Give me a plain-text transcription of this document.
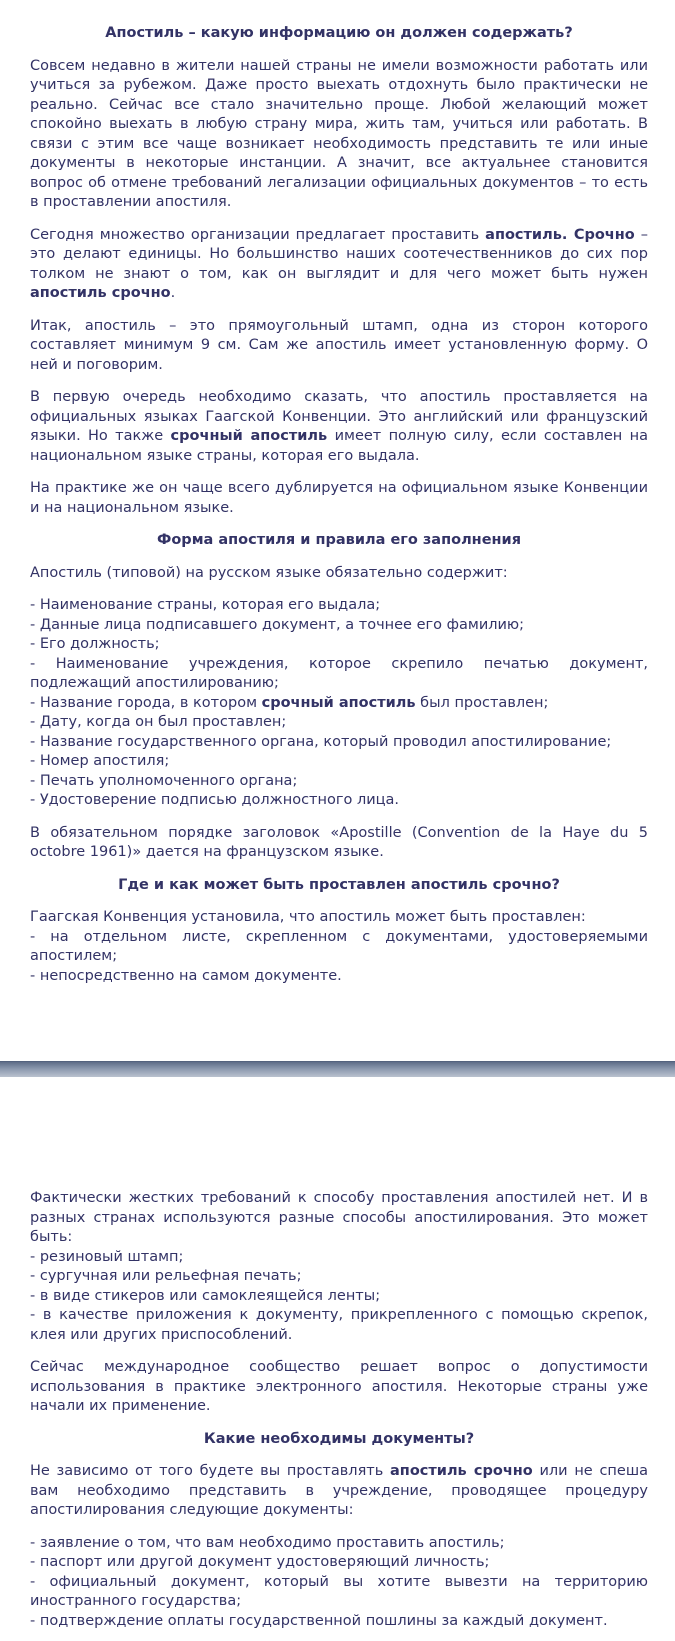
Апостиль – какую информацию он должен содержать?

Совсем недавно в жители нашей страны не имели возможности работать или учиться за рубежом. Даже просто выехать отдохнуть было практически не реально. Сейчас все стало значительно проще. Любой желающий может спокойно выехать в любую страну мира, жить там, учиться или работать. В связи с этим все чаще возникает необходимость представить те или иные документы в некоторые инстанции. А значит, все актуальнее становится вопрос об отмене требований легализации официальных документов – то есть в проставлении апостиля.

Сегодня множество организации предлагает проставить апостиль. Срочно – это делают единицы. Но большинство наших соотечественников до сих пор толком не знают о том, как он выглядит и для чего может быть нужен апостиль срочно.

Итак, апостиль – это прямоугольный штамп, одна из сторон которого составляет минимум 9 см. Сам же апостиль имеет установленную форму. О ней и поговорим.

В первую очередь необходимо сказать, что апостиль проставляется на официальных языках Гаагской Конвенции. Это английский или французский языки. Но также срочный апостиль имеет полную силу, если составлен на национальном языке страны, которая его выдала.

На практике же он чаще всего дублируется на официальном языке Конвенции и на национальном языке.

Форма апостиля и правила его заполнения

Апостиль (типовой) на русском языке обязательно содержит:

- Наименование страны, которая его выдала;
- Данные лица подписавшего документ, а точнее его фамилию;
- Его должность;
- Наименование учреждения, которое скрепило печатью документ, подлежащий апостилированию;
- Название города, в котором срочный апостиль был проставлен;
- Дату, когда он был проставлен;
- Название государственного органа, который проводил апостилирование;
- Номер апостиля;
- Печать уполномоченного органа;
- Удостоверение подписью должностного лица.

В обязательном порядке заголовок «Apostille (Convention de la Haye du 5 octobre 1961)» дается на французском языке.

Где и как может быть проставлен апостиль срочно?
Гаагская Конвенция установила, что апостиль может быть проставлен:
- на отдельном листе, скрепленном с документами, удостоверяемыми апостилем;
- непосредственно на самом документе.
Фактически жестких требований к способу проставления апостилей нет. И в разных странах используются разные способы апостилирования. Это может быть:
- резиновый штамп;
- сургучная или рельефная печать;
- в виде стикеров или самоклеящейся ленты;
- в качестве приложения к документу, прикрепленного с помощью скрепок, клея или других приспособлений.

Сейчас международное сообщество решает вопрос о допустимости использования в практике электронного апостиля. Некоторые страны уже начали их применение.

Какие необходимы документы?

Не зависимо от того будете вы проставлять апостиль срочно или не спеша вам необходимо представить в учреждение, проводящее процедуру апостилирования следующие документы:

- заявление о том, что вам необходимо проставить апостиль;
- паспорт или другой документ удостоверяющий личность;
- официальный документ, который вы хотите вывезти на территорию иностранного государства;
- подтверждение оплаты государственной пошлины за каждый документ.
